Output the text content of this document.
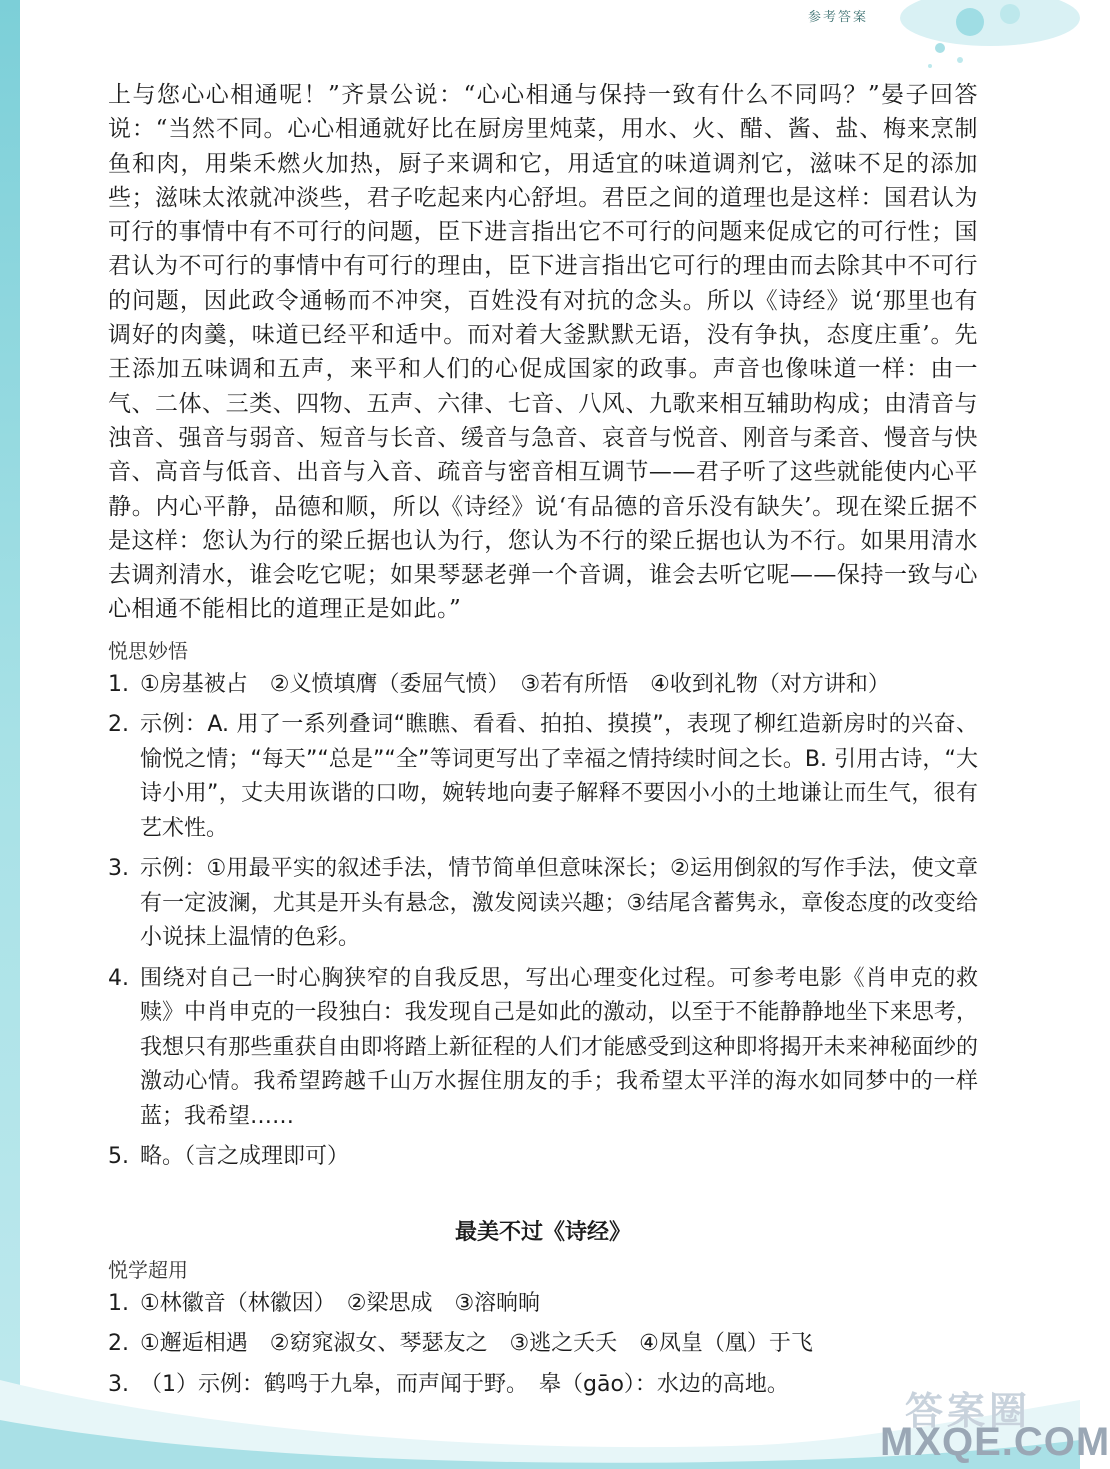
参考答案

上与您心心相通呢！”齐景公说：“心心相通与保持一致有什么不同吗？”晏子回答说：“当然不同。心心相通就好比在厨房里炖菜，用水、火、醋、酱、盐、梅来烹制鱼和肉，用柴禾燃火加热，厨子来调和它，用适宜的味道调剂它，滋味不足的添加些；滋味太浓就冲淡些，君子吃起来内心舒坦。君臣之间的道理也是这样：国君认为可行的事情中有不可行的问题，臣下进言指出它不可行的问题来促成它的可行性；国君认为不可行的事情中有可行的理由，臣下进言指出它可行的理由而去除其中不可行的问题，因此政令通畅而不冲突，百姓没有对抗的念头。所以《诗经》说‘那里也有调好的肉羹，味道已经平和适中。而对着大釜默默无语，没有争执，态度庄重’。先王添加五味调和五声，来平和人们的心促成国家的政事。声音也像味道一样：由一气、二体、三类、四物、五声、六律、七音、八风、九歌来相互辅助构成；由清音与浊音、强音与弱音、短音与长音、缓音与急音、哀音与悦音、刚音与柔音、慢音与快音、高音与低音、出音与入音、疏音与密音相互调节——君子听了这些就能使内心平静。内心平静，品德和顺，所以《诗经》说‘有品德的音乐没有缺失’。现在梁丘据不是这样：您认为行的梁丘据也认为行，您认为不行的梁丘据也认为不行。如果用清水去调剂清水，谁会吃它呢；如果琴瑟老弹一个音调，谁会去听它呢——保持一致与心心相通不能相比的道理正是如此。”

悦思妙悟
1. ①房基被占　②义愤填膺（委屈气愤）　③若有所悟　④收到礼物（对方讲和）
2. 示例：A. 用了一系列叠词“瞧瞧、看看、拍拍、摸摸”，表现了柳红造新房时的兴奋、愉悦之情；“每天”“总是”“全”等词更写出了幸福之情持续时间之长。B. 引用古诗，“大诗小用”，丈夫用诙谐的口吻，婉转地向妻子解释不要因小小的土地谦让而生气，很有艺术性。
3. 示例：①用最平实的叙述手法，情节简单但意味深长；②运用倒叙的写作手法，使文章有一定波澜，尤其是开头有悬念，激发阅读兴趣；③结尾含蓄隽永，章俊态度的改变给小说抹上温情的色彩。
4. 围绕对自己一时心胸狭窄的自我反思，写出心理变化过程。可参考电影《肖申克的救赎》中肖申克的一段独白：我发现自己是如此的激动，以至于不能静静地坐下来思考，我想只有那些重获自由即将踏上新征程的人们才能感受到这种即将揭开未来神秘面纱的激动心情。我希望跨越千山万水握住朋友的手；我希望太平洋的海水如同梦中的一样蓝；我希望……
5. 略。（言之成理即可）
最美不过《诗经》
悦学超用
1. ①林徽音（林徽因）　②梁思成　③溶晌晌
2. ①邂逅相遇　②窈窕淑女、琴瑟友之　③逃之夭夭　④凤皇（凰）于飞
3. （1）示例：鹤鸣于九皋，而声闻于野。　皋（gāo）：水边的高地。
答案圈
MXQE.COM
